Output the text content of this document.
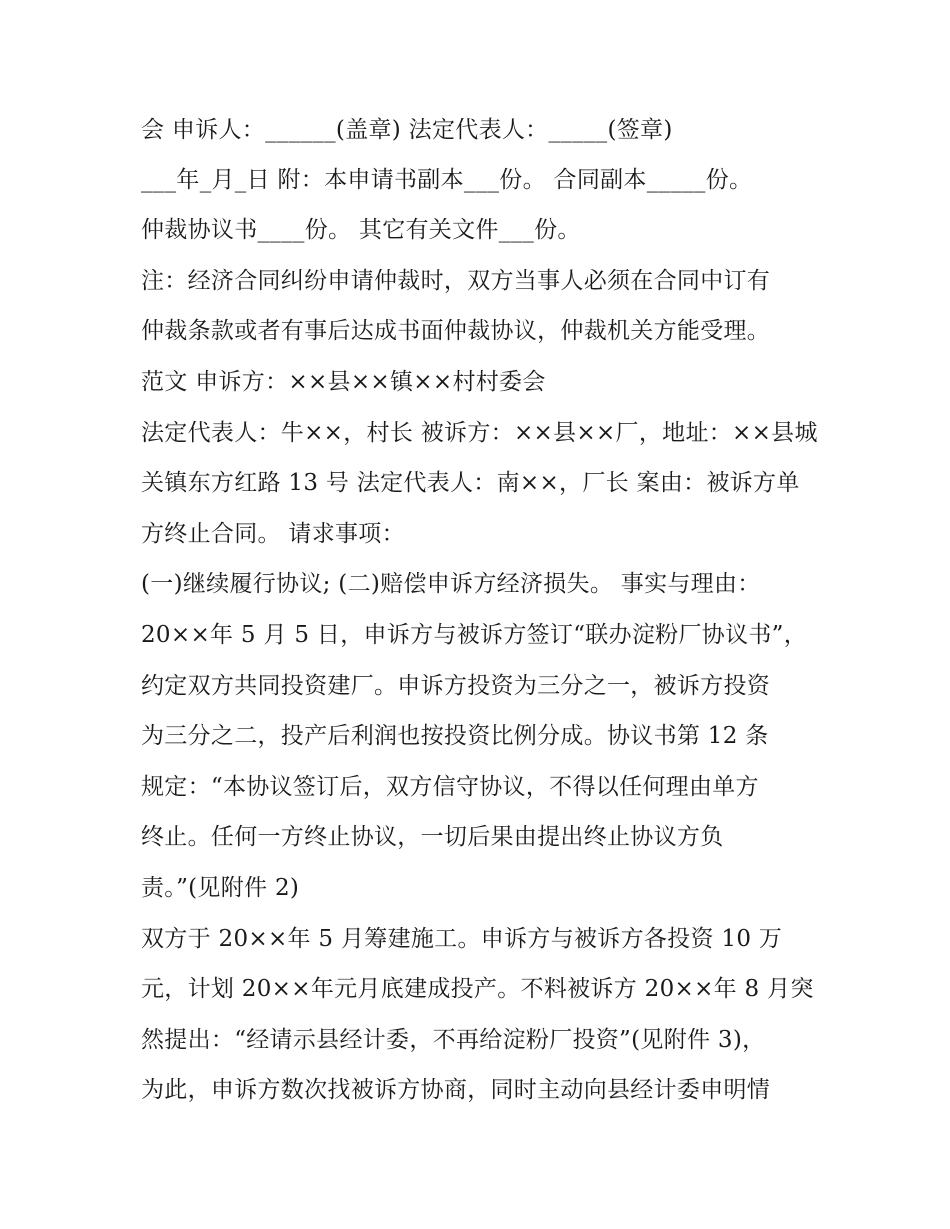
会 申诉人：______(盖章) 法定代表人：_____(签章)
___年_月_日 附：本申请书副本___份。 合同副本_____份。
仲裁协议书____份。 其它有关文件___份。
注：经济合同纠纷申请仲裁时，双方当事人必须在合同中订有
仲裁条款或者有事后达成书面仲裁协议，仲裁机关方能受理。
范文 申诉方：××县××镇××村村委会
法定代表人：牛××，村长 被诉方：××县××厂，地址：××县城
关镇东方红路 13 号 法定代表人：南××，厂长 案由：被诉方单
方终止合同。 请求事项：
(一)继续履行协议; (二)赔偿申诉方经济损失。 事实与理由：
20××年 5 月 5 日，申诉方与被诉方签订“联办淀粉厂协议书”，
约定双方共同投资建厂。申诉方投资为三分之一，被诉方投资
为三分之二，投产后利润也按投资比例分成。协议书第 12 条
规定：“本协议签订后，双方信守协议，不得以任何理由单方
终止。任何一方终止协议，一切后果由提出终止协议方负
责。”(见附件 2)
双方于 20××年 5 月筹建施工。申诉方与被诉方各投资 10 万
元，计划 20××年元月底建成投产。不料被诉方 20××年 8 月突
然提出：“经请示县经计委，不再给淀粉厂投资”(见附件 3)，
为此，申诉方数次找被诉方协商，同时主动向县经计委申明情
